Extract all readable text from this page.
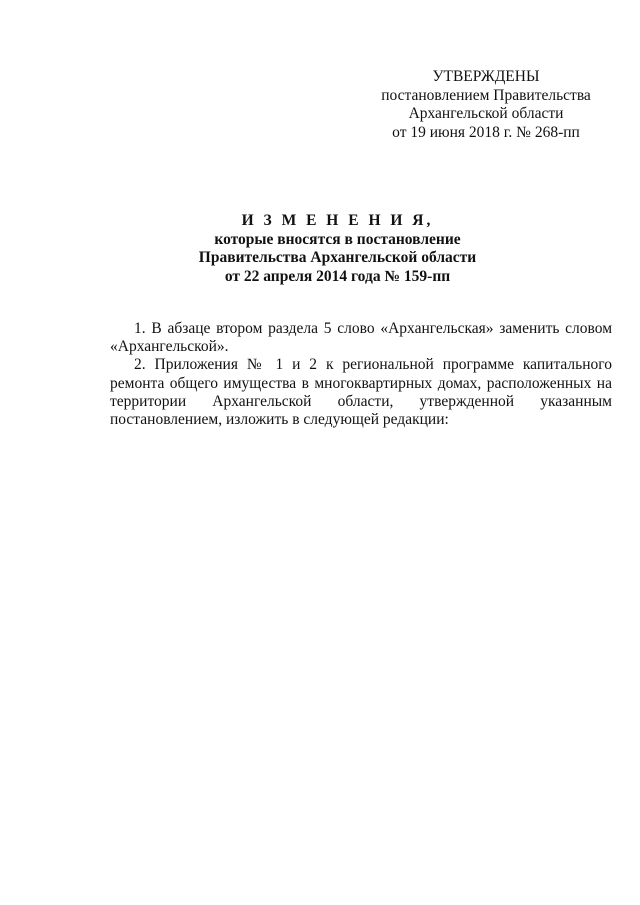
УТВЕРЖДЕНЫ
постановлением Правительства
Архангельской области
от 19 июня 2018 г. № 268-пп
И З М Е Н Е Н И Я,
которые вносятся в постановление
Правительства Архангельской области
от 22 апреля 2014 года № 159-пп

1. В абзаце втором раздела 5 слово «Архангельская» заменить словом «Архангельской».

2. Приложения № 1 и 2 к региональной программе капитального ремонта общего имущества в многоквартирных домах, расположенных на территории Архангельской области, утвержденной указанным постановлением, изложить в следующей редакции:
